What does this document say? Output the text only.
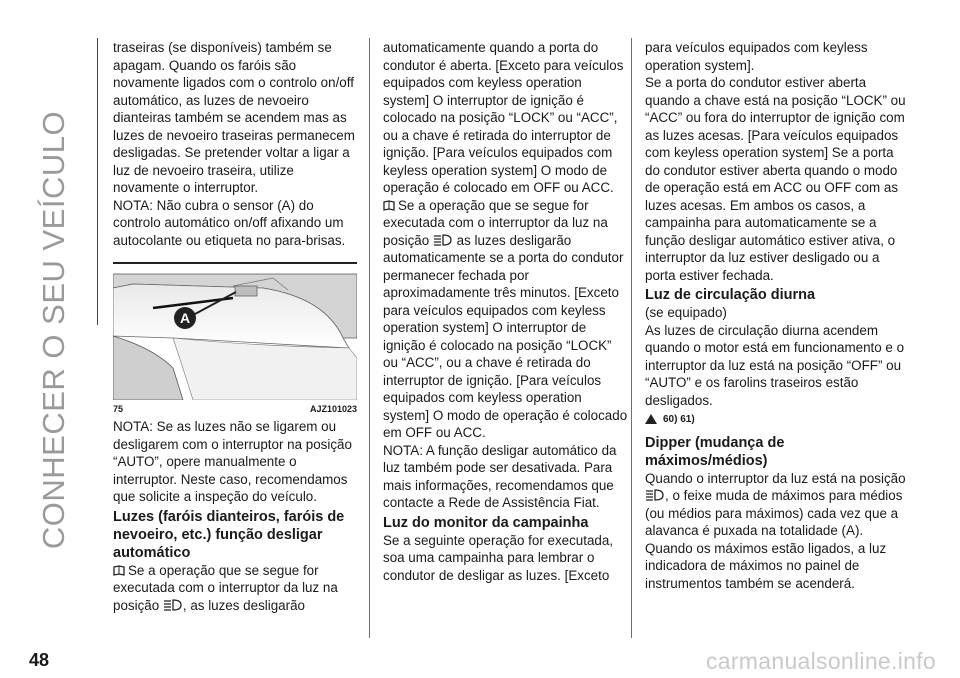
CONHECER O SEU VEÍCULO

traseiras (se disponíveis) também se apagam. Quando os faróis são novamente ligados com o controlo on/off automático, as luzes de nevoeiro dianteiras também se acendem mas as luzes de nevoeiro traseiras permanecem desligadas. Se pretender voltar a ligar a luz de nevoeiro traseira, utilize novamente o interruptor.

NOTA: Não cubra o sensor (A) do controlo automático on/off afixando um autocolante ou etiqueta no para-brisas.

A
75	AJZ101023

NOTA: Se as luzes não se ligarem ou desligarem com o interruptor na posição “AUTO”, opere manualmente o interruptor. Neste caso, recomendamos que solicite a inspeção do veículo.

Luzes (faróis dianteiros, faróis de nevoeiro, etc.) função desligar automático

Se a operação que se segue for executada com o interruptor da luz na posição , as luzes desligarão

automaticamente quando a porta do condutor é aberta. [Exceto para veículos equipados com keyless operation system] O interruptor de ignição é colocado na posição “LOCK” ou “ACC”, ou a chave é retirada do interruptor de ignição. [Para veículos equipados com keyless operation system] O modo de operação é colocado em OFF ou ACC.

Se a operação que se segue for executada com o interruptor da luz na posição as luzes desligarão automaticamente se a porta do condutor permanecer fechada por aproximadamente três minutos. [Exceto para veículos equipados com keyless operation system] O interruptor de ignição é colocado na posição “LOCK” ou “ACC”, ou a chave é retirada do interruptor de ignição. [Para veículos equipados com keyless operation system] O modo de operação é colocado em OFF ou ACC.

NOTA: A função desligar automático da luz também pode ser desativada. Para mais informações, recomendamos que contacte a Rede de Assistência Fiat.

Luz do monitor da campainha

Se a seguinte operação for executada, soa uma campainha para lembrar o condutor de desligar as luzes. [Exceto

para veículos equipados com keyless operation system].

Se a porta do condutor estiver aberta quando a chave está na posição “LOCK” ou “ACC” ou fora do interruptor de ignição com as luzes acesas. [Para veículos equipados com keyless operation system] Se a porta do condutor estiver aberta quando o modo de operação está em ACC ou OFF com as luzes acesas. Em ambos os casos, a campainha para automaticamente se a função desligar automático estiver ativa, o interruptor da luz estiver desligado ou a porta estiver fechada.

Luz de circulação diurna

(se equipado)

As luzes de circulação diurna acendem quando o motor está em funcionamento e o interruptor da luz está na posição “OFF” ou “AUTO” e os farolins traseiros estão desligados.

60) 61)
Dipper (mudança de máximos/médios)

Quando o interruptor da luz está na posição , o feixe muda de máximos para médios (ou médios para máximos) cada vez que a alavanca é puxada na totalidade (A). Quando os máximos estão ligados, a luz indicadora de máximos no painel de instrumentos também se acenderá.

48	carmanualsonline.info
